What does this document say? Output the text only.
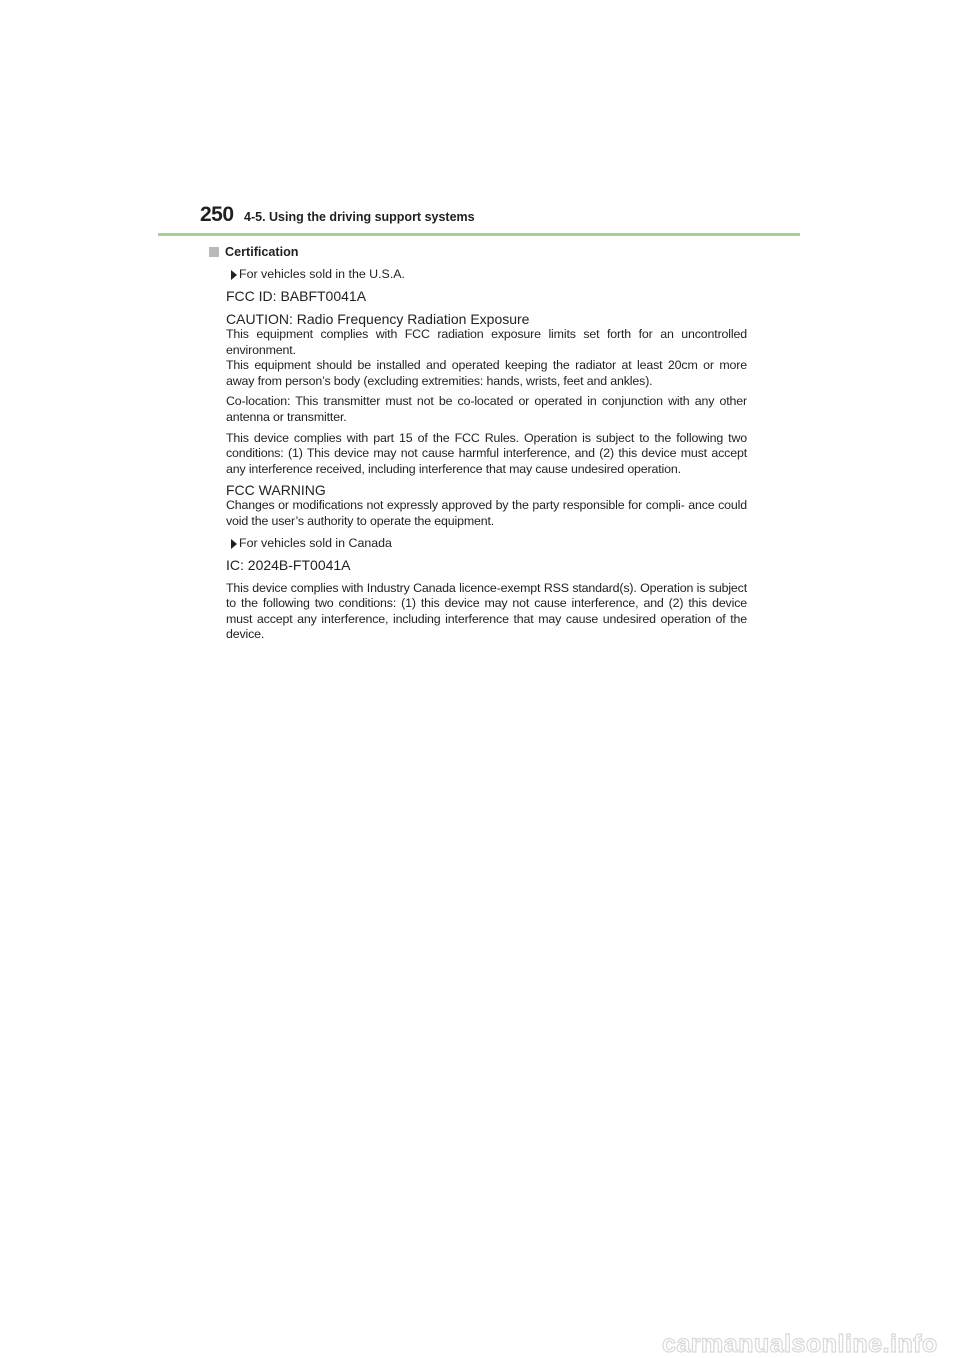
250 4-5. Using the driving support systems
Certification
For vehicles sold in the U.S.A.
FCC ID: BABFT0041A
CAUTION: Radio Frequency Radiation Exposure
This equipment complies with FCC radiation exposure limits set forth for an uncontrolled environment.
This equipment should be installed and operated keeping the radiator at least 20cm or more away from person’s body (excluding extremities: hands, wrists, feet and ankles).
Co-location: This transmitter must not be co-located or operated in conjunction with any other antenna or transmitter.
This device complies with part 15 of the FCC Rules. Operation is subject to the following two conditions: (1) This device may not cause harmful interference, and (2) this device must accept any interference received, including interference that may cause undesired operation.
FCC WARNING
Changes or modifications not expressly approved by the party responsible for compli- ance could void the user’s authority to operate the equipment.
For vehicles sold in Canada
IC: 2024B-FT0041A
This device complies with Industry Canada licence-exempt RSS standard(s). Operation is subject to the following two conditions: (1) this device may not cause interference, and (2) this device must accept any interference, including interference that may cause undesired operation of the device.
carmanualsonline.info
